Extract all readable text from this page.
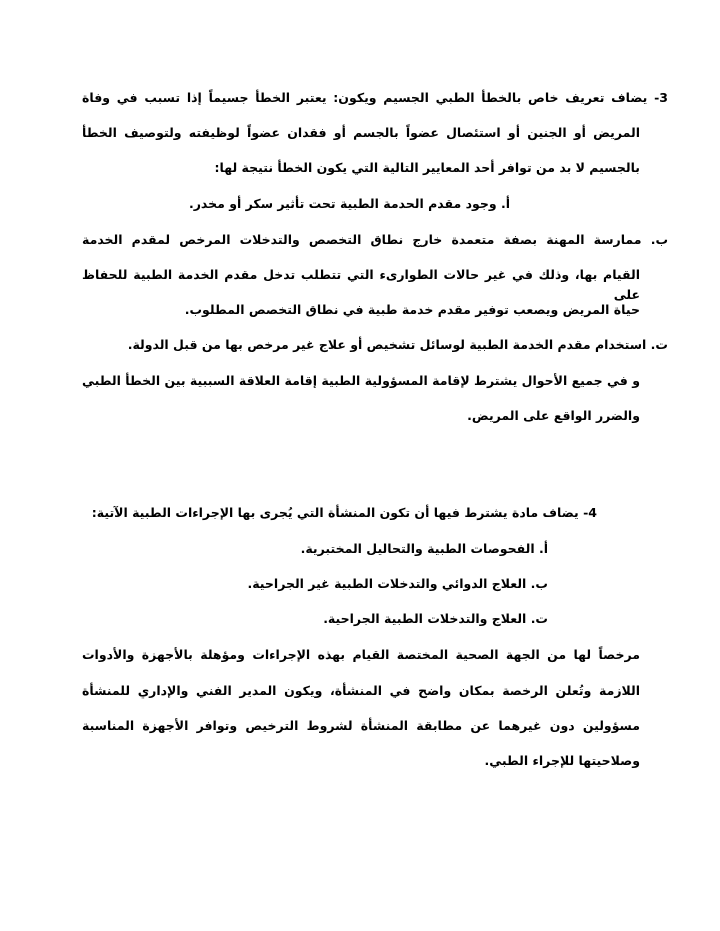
3- يضاف تعريف خاص بالخطأ الطبي الجسيم ويكون: يعتبر الخطأ جسيماً إذا تسبب في وفاة
المريض أو الجنين أو استئصال عضواً بالجسم أو فقدان عضواً لوظيفته ولتوصيف الخطأ
بالجسيم لا بد من توافر أحد المعايير التالية التي يكون الخطأ نتيجة لها:
أ. وجود مقدم الحدمة الطبية تحت تأثير سكر أو مخدر.
ب. ممارسة المهنة بصفة متعمدة خارج نطاق التخصص والتدخلات المرخص لمقدم الخدمة
القيام بها، وذلك في غير حالات الطوارىء التي تتطلب تدخل مقدم الخدمة الطبية للحفاظ على
حياة المريض ويصعب توفير مقدم خدمة طبية في نطاق التخصص المطلوب.
ت. استخدام مقدم الخدمة الطبية لوسائل تشخيص أو علاج غير مرخص بها من قبل الدولة.
و في جميع الأحوال يشترط لإقامة المسؤولية الطبية إقامة العلاقة السببية بين الخطأ الطبي
والضرر الواقع على المريض.
4- يضاف مادة يشترط فيها أن تكون المنشأة التي يُجرى بها الإجراءات الطبية الآتية:
أ. الفحوصات الطبية والتحاليل المختبرية.
ب. العلاج الدوائي والتدخلات الطبية غير الجراحية.
ت. العلاج والتدخلات الطبية الجراحية.
مرخصاً لها من الجهة الصحية المختصة القيام بهذه الإجراءات ومؤهلة بالأجهزة والأدوات
اللازمة وتُعلن الرخصة بمكان واضح في المنشأة، ويكون المدير الفني والإداري للمنشأة
مسؤولين دون غيرهما عن مطابقة المنشأة لشروط الترخيص وتوافر الأجهزة المناسبة
وصلاحيتها للإجراء الطبي.
